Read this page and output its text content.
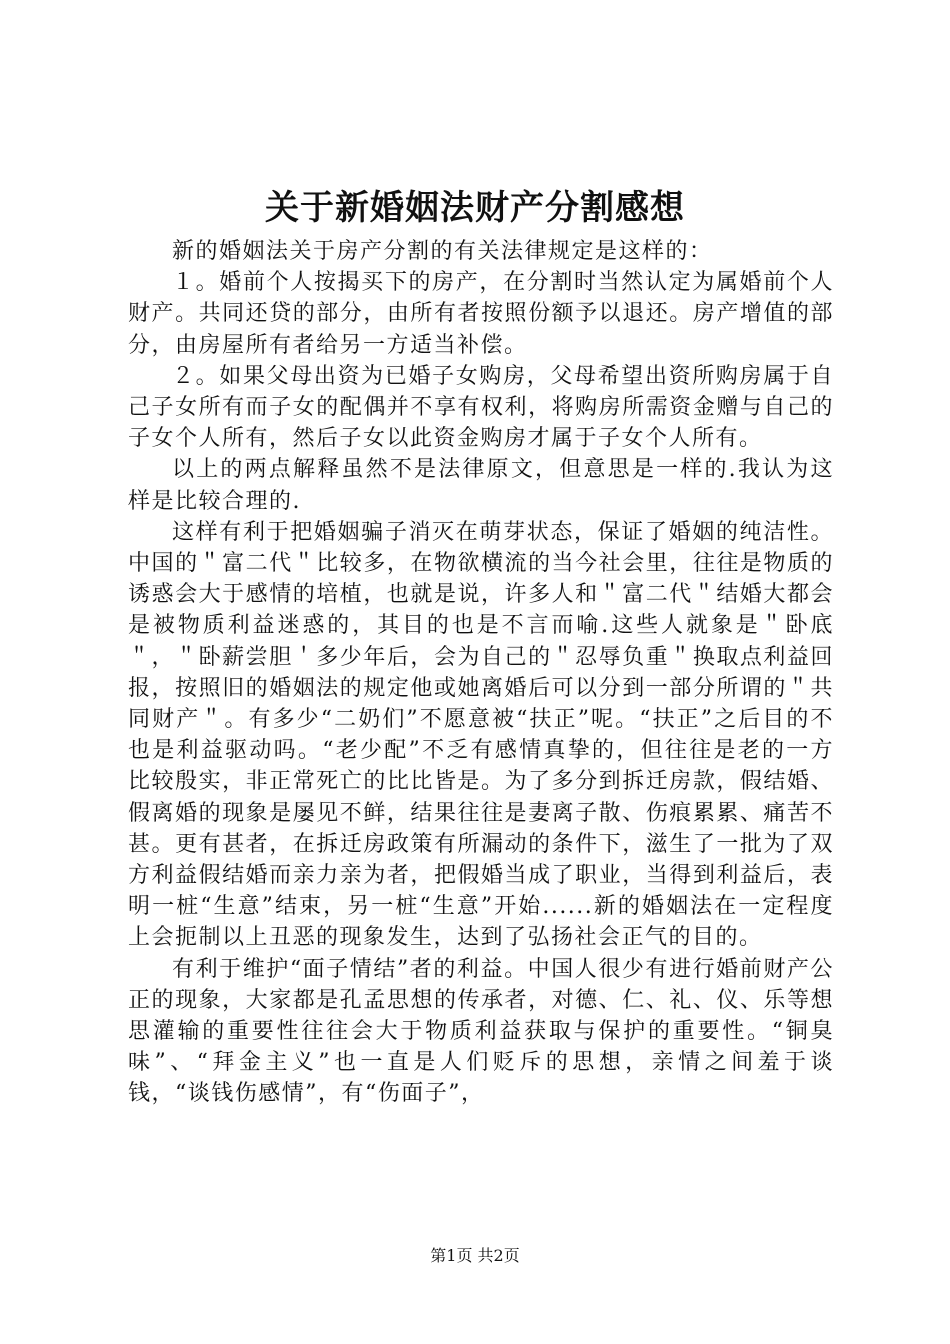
关于新婚姻法财产分割感想

新的婚姻法关于房产分割的有关法律规定是这样的：

１。婚前个人按揭买下的房产，在分割时当然认定为属婚前个人财产。共同还贷的部分，由所有者按照份额予以退还。房产增值的部分，由房屋所有者给另一方适当补偿。

２。如果父母出资为已婚子女购房，父母希望出资所购房属于自己子女所有而子女的配偶并不享有权利，将购房所需资金赠与自己的子女个人所有，然后子女以此资金购房才属于子女个人所有。

以上的两点解释虽然不是法律原文，但意思是一样的.我认为这样是比较合理的.

这样有利于把婚姻骗子消灭在萌芽状态，保证了婚姻的纯洁性。中国的＂富二代＂比较多，在物欲横流的当今社会里，往往是物质的诱惑会大于感情的培植，也就是说，许多人和＂富二代＂结婚大都会是被物质利益迷惑的，其目的也是不言而喻.这些人就象是＂卧底＂，＂卧薪尝胆＇多少年后，会为自己的＂忍辱负重＂换取点利益回报，按照旧的婚姻法的规定他或她离婚后可以分到一部分所谓的＂共同财产＂。有多少“二奶们”不愿意被“扶正”呢。“扶正”之后目的不也是利益驱动吗。“老少配”不乏有感情真挚的，但往往是老的一方比较殷实，非正常死亡的比比皆是。为了多分到拆迁房款，假结婚、假离婚的现象是屡见不鲜，结果往往是妻离子散、伤痕累累、痛苦不甚。更有甚者，在拆迁房政策有所漏动的条件下，滋生了一批为了双方利益假结婚而亲力亲为者，把假婚当成了职业，当得到利益后，表明一桩“生意”结束，另一桩“生意”开始......新的婚姻法在一定程度上会扼制以上丑恶的现象发生，达到了弘扬社会正气的目的。

有利于维护“面子情结”者的利益。中国人很少有进行婚前财产公正的现象，大家都是孔孟思想的传承者，对德、仁、礼、仪、乐等想思灌输的重要性往往会大于物质利益获取与保护的重要性。“铜臭味”、“拜金主义”也一直是人们贬斥的思想，亲情之间羞于谈钱，“谈钱伤感情”，有“伤面子”，

第1页 共2页
